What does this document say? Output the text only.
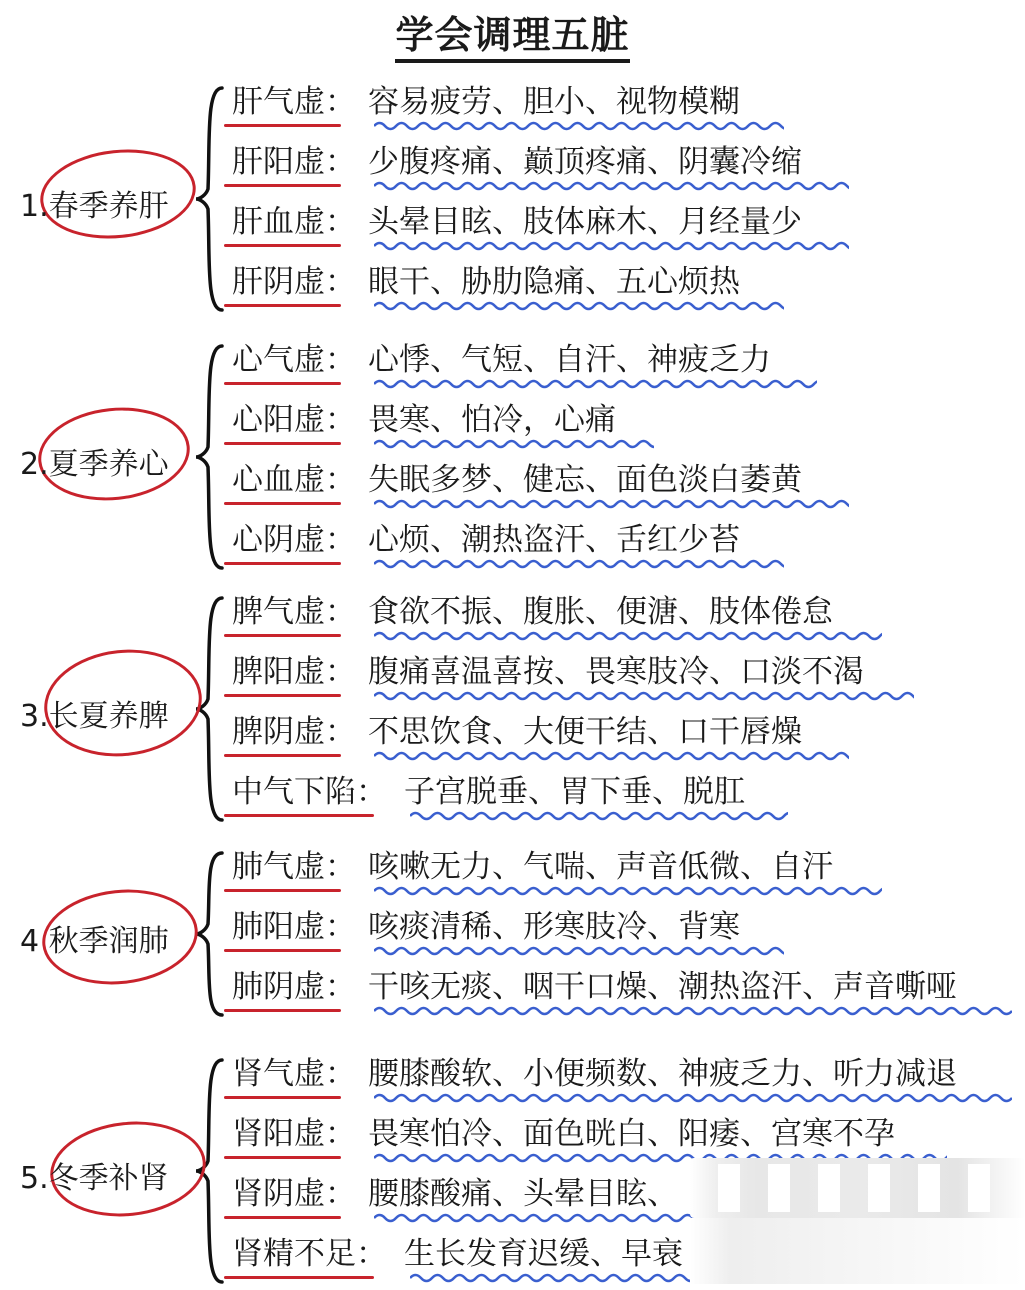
学会调理五脏
1.春季养肝
肝气虚： 容易疲劳、胆小、视物模糊
肝阳虚： 少腹疼痛、巅顶疼痛、阴囊冷缩
肝血虚： 头晕目眩、肢体麻木、月经量少
肝阴虚： 眼干、胁肋隐痛、五心烦热
2.夏季养心
心气虚： 心悸、气短、自汗、神疲乏力
心阳虚： 畏寒、怕冷，心痛
心血虚： 失眠多梦、健忘、面色淡白萎黄
心阴虚： 心烦、潮热盗汗、舌红少苔
3.长夏养脾
脾气虚： 食欲不振、腹胀、便溏、肢体倦怠
脾阳虚： 腹痛喜温喜按、畏寒肢冷、口淡不渴
脾阴虚： 不思饮食、大便干结、口干唇燥
中气下陷： 子宫脱垂、胃下垂、脱肛
4 秋季润肺
肺气虚： 咳嗽无力、气喘、声音低微、自汗
肺阳虚： 咳痰清稀、形寒肢冷、背寒
肺阴虚： 干咳无痰、咽干口燥、潮热盗汗、声音嘶哑
5.冬季补肾
肾气虚： 腰膝酸软、小便频数、神疲乏力、听力减退
肾阳虚： 畏寒怕冷、面色晄白、阳痿、宫寒不孕
肾阴虚： 腰膝酸痛、头晕目眩、
肾精不足： 生长发育迟缓、早衰
